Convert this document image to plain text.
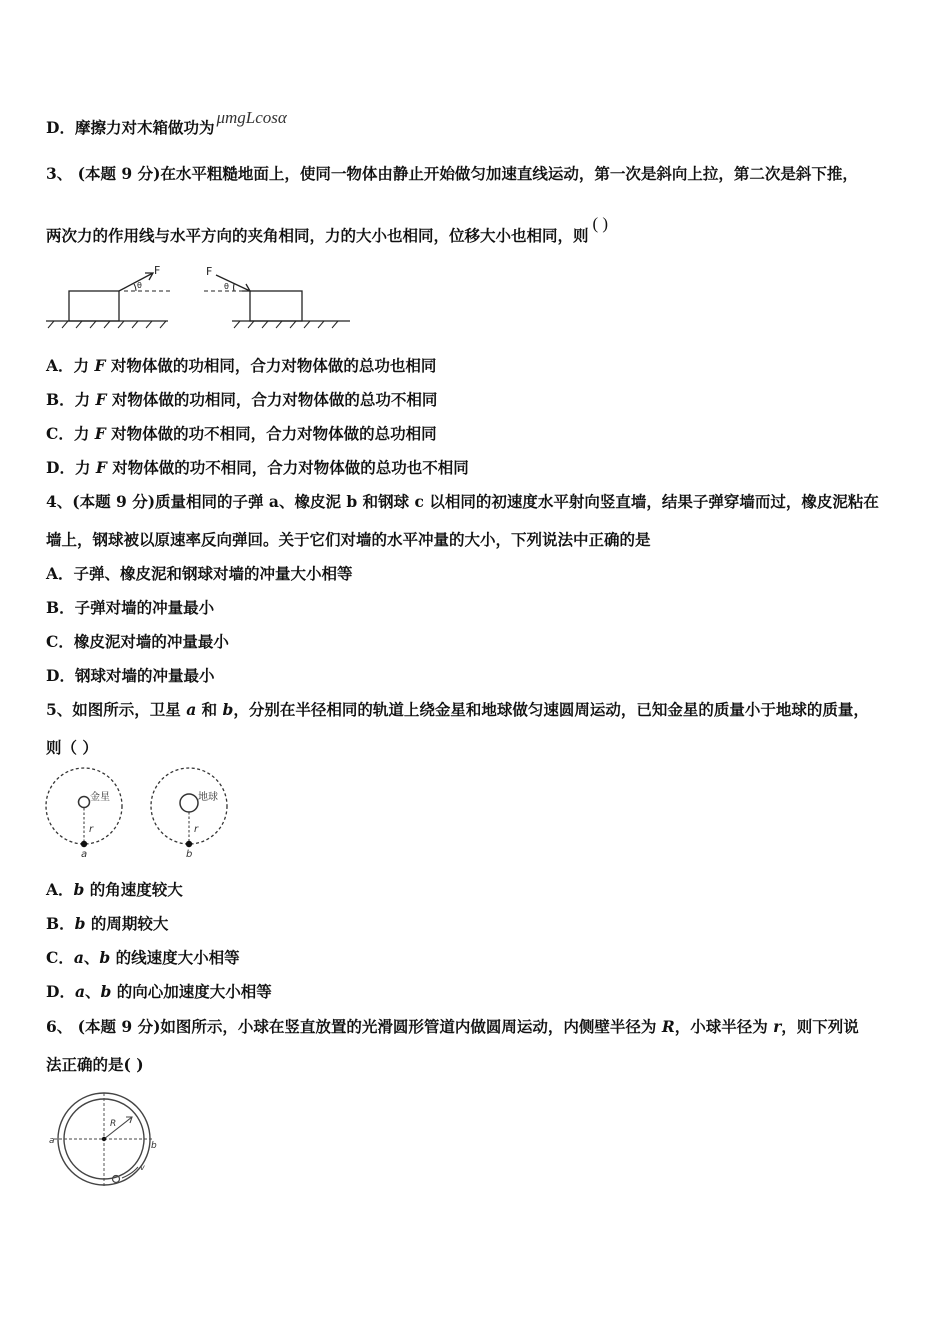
D．摩擦力对木箱做功为μmgLcosα
3、 (本题 9 分)在水平粗糙地面上，使同一物体由静止开始做匀加速直线运动，第一次是斜向上拉，第二次是斜下推，
两次力的作用线与水平方向的夹角相同，力的大小也相同，位移大小也相同，则( )
F
θ
F
θ
A．力 F 对物体做的功相同，合力对物体做的总功也相同
B．力 F 对物体做的功相同，合力对物体做的总功不相同
C．力 F 对物体做的功不相同，合力对物体做的总功相同
D．力 F 对物体做的功不相同，合力对物体做的总功也不相同
4、(本题 9 分)质量相同的子弹 a、橡皮泥 b 和钢球 c 以相同的初速度水平射向竖直墙，结果子弹穿墙而过，橡皮泥粘在
墙上，钢球被以原速率反向弹回。关于它们对墙的水平冲量的大小，下列说法中正确的是
A．子弹、橡皮泥和钢球对墙的冲量大小相等
B．子弹对墙的冲量最小
C．橡皮泥对墙的冲量最小
D．钢球对墙的冲量最小
5、如图所示，卫星 a 和 b，分别在半径相同的轨道上绕金星和地球做匀速圆周运动，已知金星的质量小于地球的质量，
则（ ）
金星	地球
r	r
a	b
A．b 的角速度较大
B．b 的周期较大
C．a、b 的线速度大小相等
D．a、b 的向心加速度大小相等
6、 (本题 9 分)如图所示，小球在竖直放置的光滑圆形管道内做圆周运动，内侧壁半径为 R，小球半径为 r，则下列说
法正确的是( )
R
a	b
v
